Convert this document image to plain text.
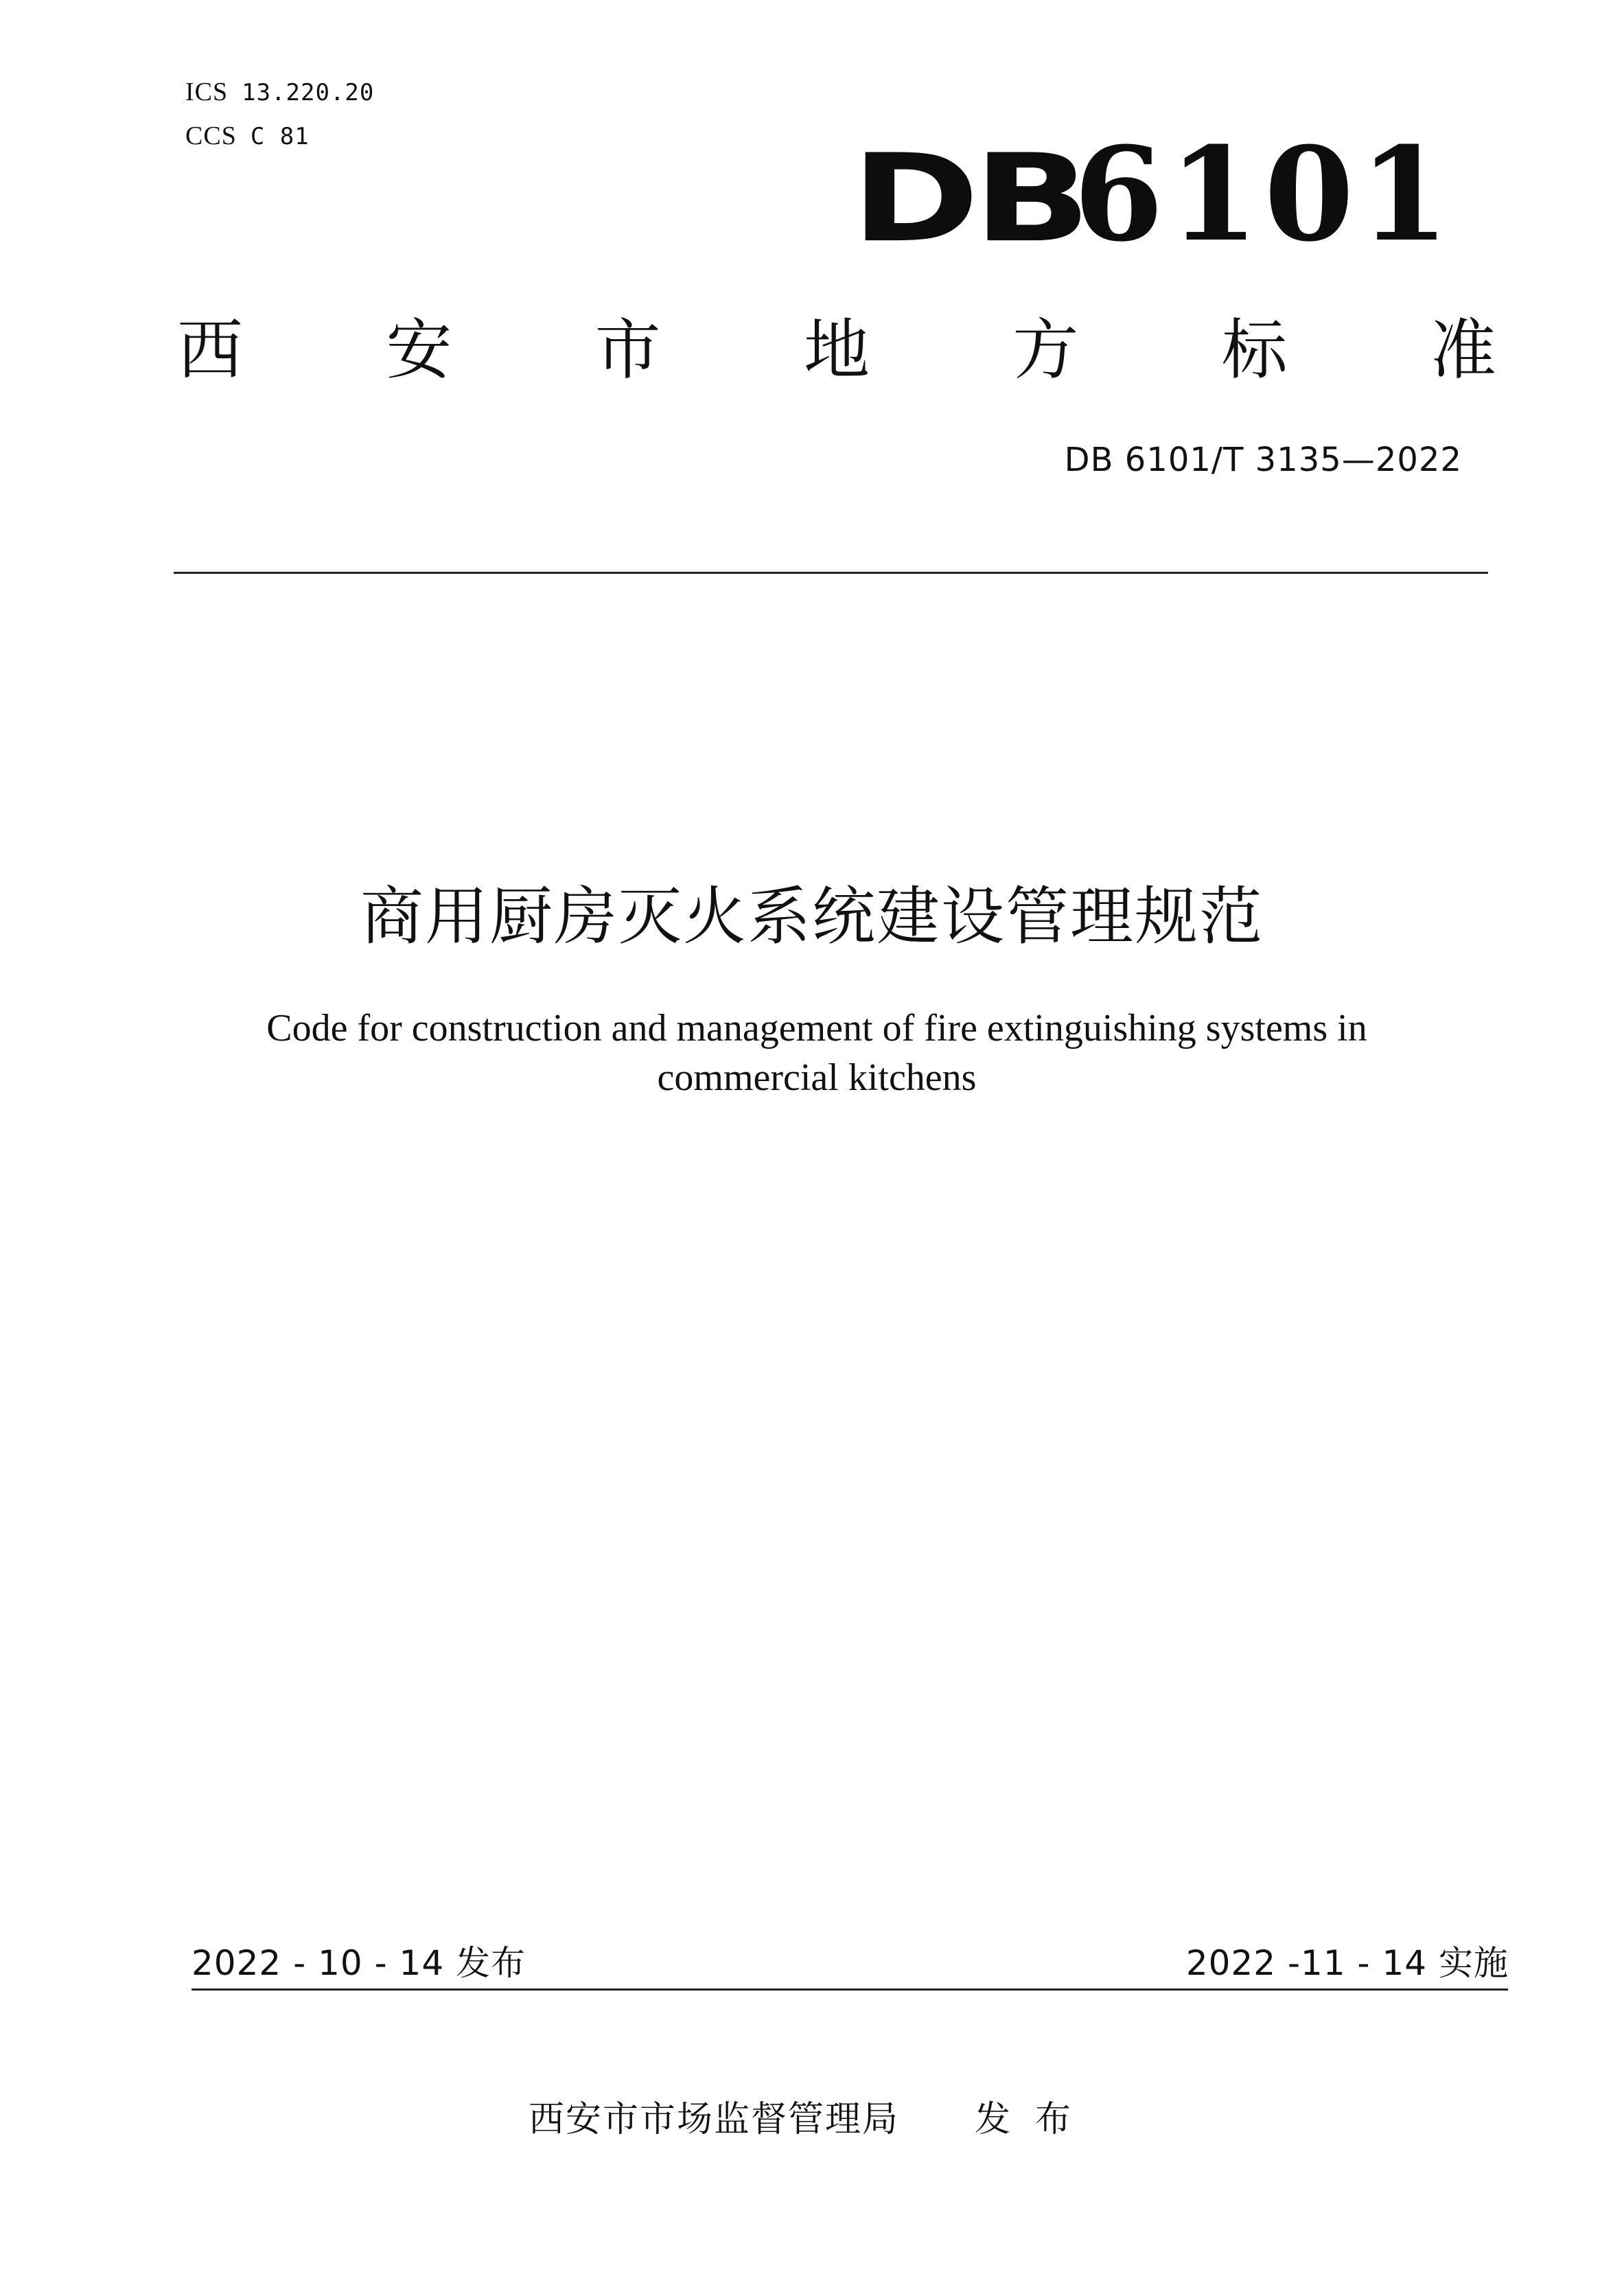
ICS 13.220.20
CCS C 81	DB
6101
西 安 市 地 方 标 准
DB 6101/T 3135—2022
商用厨房灭火系统建设管理规范
Code for construction and management of fire extinguishing systems in
commercial kitchens
2022 - 10 - 14 发布	2022 -11 - 14 实施
西安市市场监督管理局 发布
